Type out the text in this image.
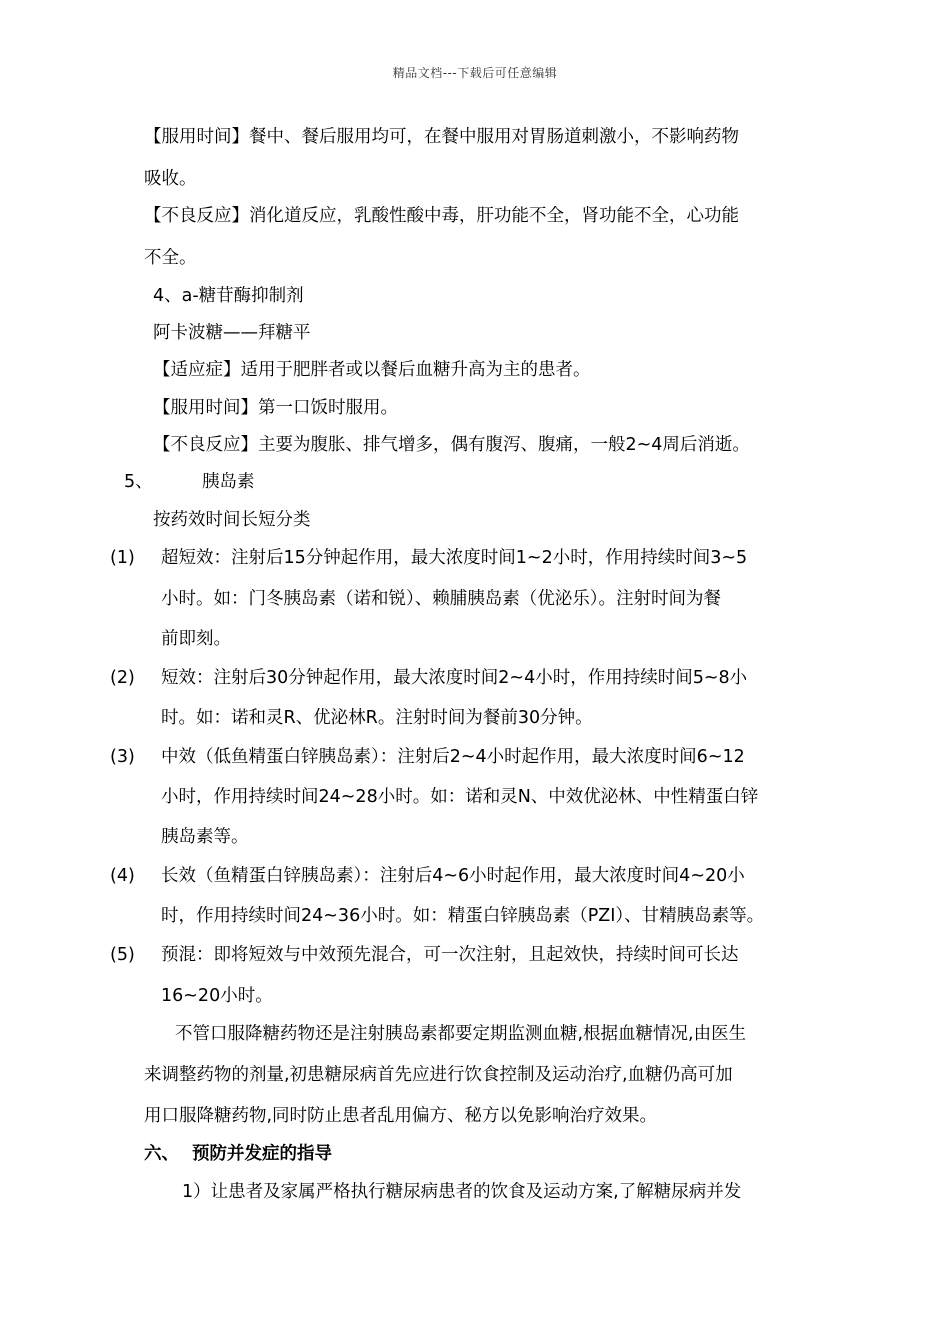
精品文档---下载后可任意编辑
【服用时间】餐中、餐后服用均可，在餐中服用对胃肠道刺激小，不影响药物
吸收。
【不良反应】消化道反应，乳酸性酸中毒，肝功能不全，肾功能不全，心功能
不全。
4、a-糖苷酶抑制剂
阿卡波糖——拜糖平
【适应症】适用于肥胖者或以餐后血糖升高为主的患者。
【服用时间】第一口饭时服用。
【不良反应】主要为腹胀、排气增多，偶有腹泻、腹痛，一般2~4周后消逝。
5、	胰岛素
按药效时间长短分类
(1) 超短效：注射后15分钟起作用，最大浓度时间1~2小时，作用持续时间3~5
小时。如：门冬胰岛素（诺和锐）、赖脯胰岛素（优泌乐）。注射时间为餐
前即刻。
(2) 短效：注射后30分钟起作用，最大浓度时间2~4小时，作用持续时间5~8小
时。如：诺和灵R、优泌林R。注射时间为餐前30分钟。
(3) 中效（低鱼精蛋白锌胰岛素）：注射后2~4小时起作用，最大浓度时间6~12
小时，作用持续时间24~28小时。如：诺和灵N、中效优泌林、中性精蛋白锌
胰岛素等。
(4) 长效（鱼精蛋白锌胰岛素）：注射后4~6小时起作用，最大浓度时间4~20小
时，作用持续时间24~36小时。如：精蛋白锌胰岛素（PZI）、甘精胰岛素等。
(5) 预混：即将短效与中效预先混合，可一次注射，且起效快，持续时间可长达
16~20小时。
不管口服降糖药物还是注射胰岛素都要定期监测血糖,根据血糖情况,由医生
来调整药物的剂量,初患糖尿病首先应进行饮食控制及运动治疗,血糖仍高可加
用口服降糖药物,同时防止患者乱用偏方、秘方以免影响治疗效果。
六、 预防并发症的指导
1）让患者及家属严格执行糖尿病患者的饮食及运动方案,了解糖尿病并发
